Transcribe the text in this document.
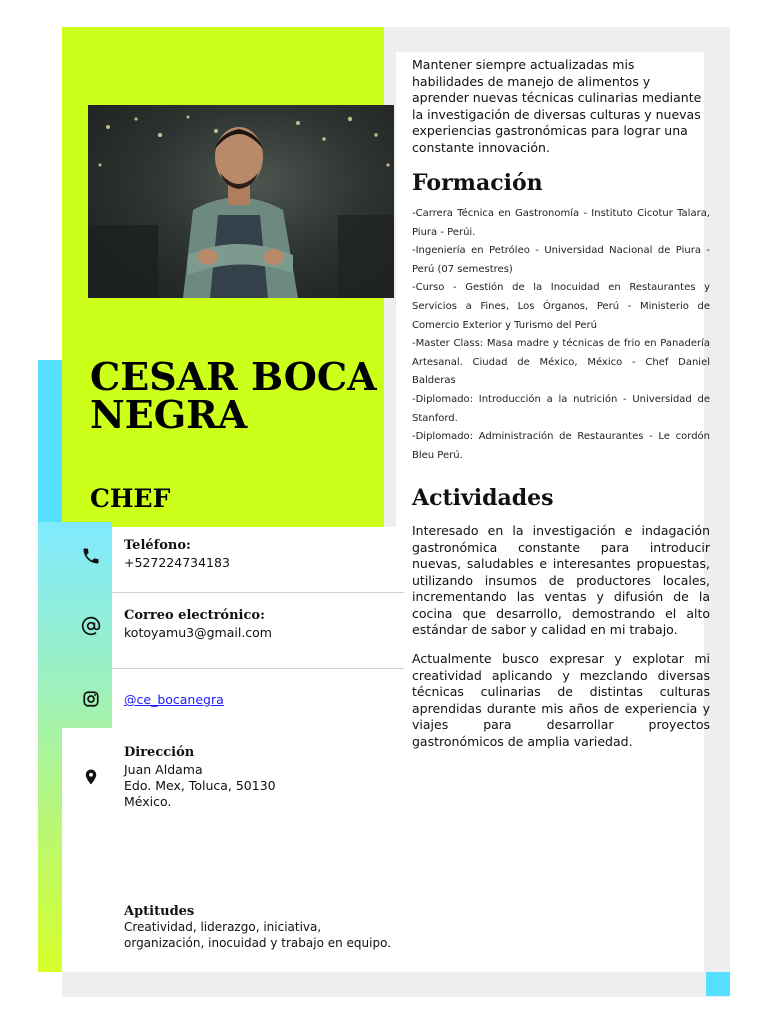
CESAR BOCANEGRA
CHEF
Teléfono:
+527224734183
Correo electrónico:
kotoyamu3@gmail.com
@ce_bocanegra
Dirección
Juan Aldama
Edo. Mex, Toluca, 50130
México.
Aptitudes
Creatividad, liderazgo, iniciativa, organización, inocuidad y trabajo en equipo.
Mantener siempre actualizadas mis habilidades de manejo de alimentos y aprender nuevas técnicas culinarias mediante la investigación de diversas culturas y nuevas experiencias gastronómicas para lograr una constante innovación.
Formación

-Carrera Técnica en Gastronomía - Instituto Cicotur Talara, Piura - Perúi.

-Ingeniería en Petróleo - Universidad Nacional de Piura - Perú (07 semestres)

-Curso - Gestión de la Inocuidad en Restaurantes y Servicios a Fines, Los Órganos, Perú - Ministerio de Comercio Exterior y Turismo del Perú

-Master Class: Masa madre y técnicas de frio en Panadería Artesanal. Ciudad de México, México - Chef Daniel Balderas

-Diplomado: Introducción a la nutrición - Universidad de Stanford.

-Diplomado: Administración de Restaurantes - Le cordón Bleu Perú.

Actividades
Interesado en la investigación e indagación gastronómica constante para introducir nuevas, saludables e interesantes propuestas, utilizando insumos de productores locales, incrementando las ventas y difusión de la cocina que desarrollo, demostrando el alto estándar de sabor y calidad en mi trabajo.
Actualmente busco expresar y explotar mi creatividad aplicando y mezclando diversas técnicas culinarias de distintas culturas aprendidas durante mis años de experiencia y viajes para desarrollar proyectos gastronómicos de amplia variedad.
